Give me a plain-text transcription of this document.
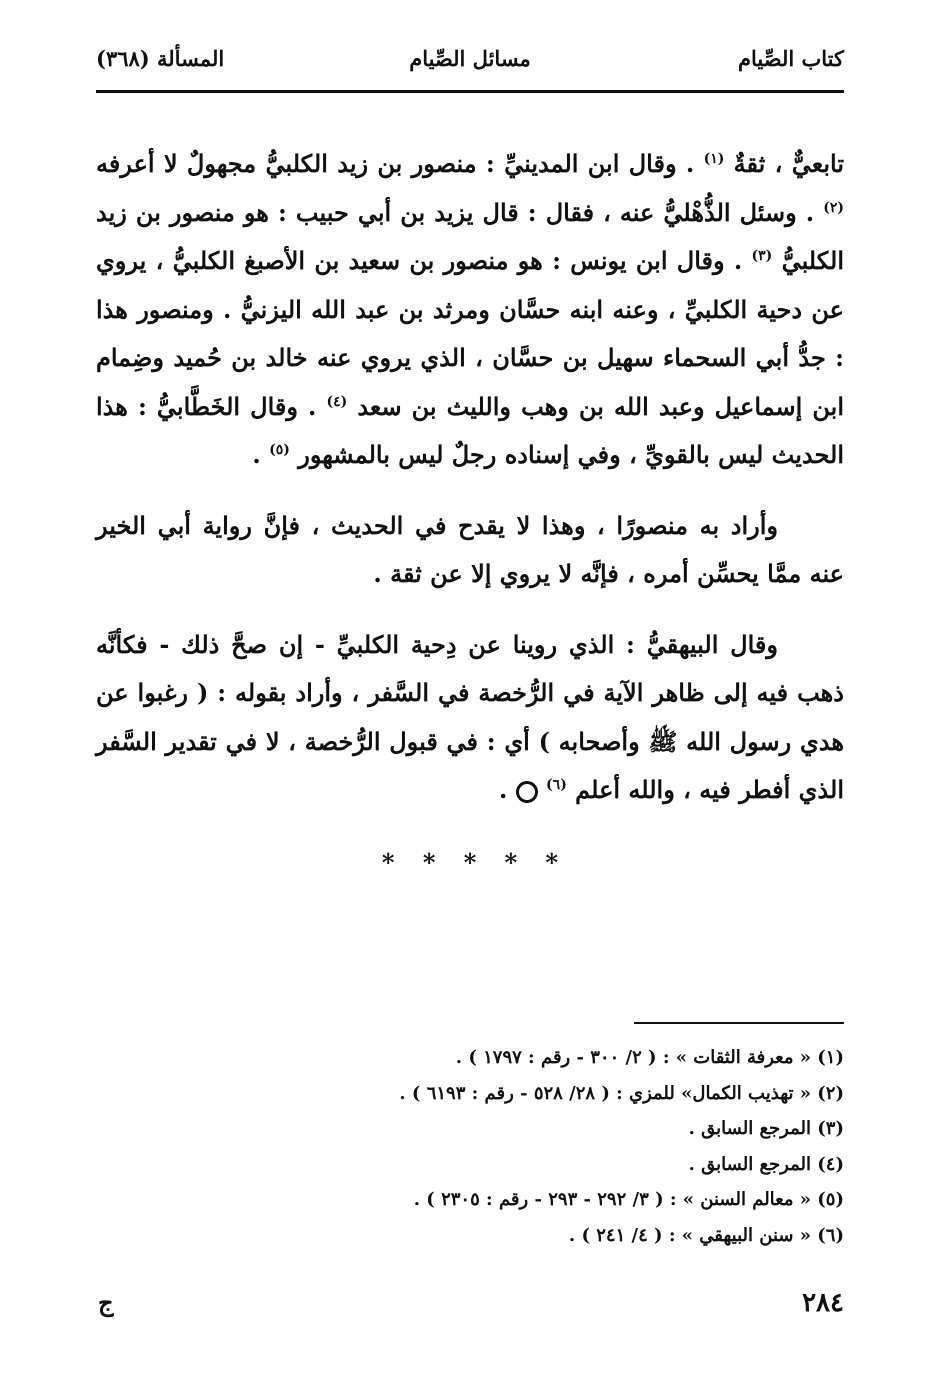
كتاب الصِّيام
مسائل الصِّيام
المسألة (٣٦٨)

تابعيٌّ ، ثقةٌ $^{(١)}$ . وقال ابن المدينيِّ : منصور بن زيد الكلبيُّ مجهولٌ لا أعرفه $^{(٢)}$ . وسئل الذُّهْليُّ عنه ، فقال : قال يزيد بن أبي حبيب : هو منصور بن زيد الكلبيُّ $^{(٣)}$ . وقال ابن يونس : هو منصور بن سعيد بن الأصبغ الكلبيُّ ، يروي عن دحية الكلبيِّ ، وعنه ابنه حسَّان ومرثد بن عبد الله اليزنيُّ . ومنصور هذا : جدُّ أبي السحماء سهيل بن حسَّان ، الذي يروي عنه خالد بن حُميد وضِمام ابن إسماعيل وعبد الله بن وهب والليث بن سعد $^{(٤)}$ . وقال الخَطَّابيُّ : هذا الحديث ليس بالقويِّ ، وفي إسناده رجلٌ ليس بالمشهور $^{(٥)}$ .

وأراد به منصورًا ، وهذا لا يقدح في الحديث ، فإنَّ رواية أبي الخير عنه ممَّا يحسِّن أمره ، فإنَّه لا يروي إلا عن ثقة .

وقال البيهقيُّ : الذي روينا عن دِحية الكلبيِّ - إن صحَّ ذلك - فكأنَّه ذهب فيه إلى ظاهر الآية في الرُّخصة في السَّفر ، وأراد بقوله : ( رغبوا عن هدي رسول الله ﷺ وأصحابه ) أي : في قبول الرُّخصة ، لا في تقدير السَّفر الذي أفطر فيه ، والله أعلم $^{(٦)}$  .

* * * * *
(١) « معرفة الثقات » : ( ٢/ ٣٠٠ - رقم : ١٧٩٧ ) .
(٢) « تهذيب الكمال» للمزي : ( ٢٨/ ٥٢٨ - رقم : ٦١٩٣ ) .
(٣) المرجع السابق .
(٤) المرجع السابق .
(٥) « معالم السنن » : ( ٣/ ٢٩٢ - ٢٩٣ - رقم : ٢٣٠٥ ) .
(٦) « سنن البيهقي » : ( ٤/ ٢٤١ ) .
٢٨٤
ج
